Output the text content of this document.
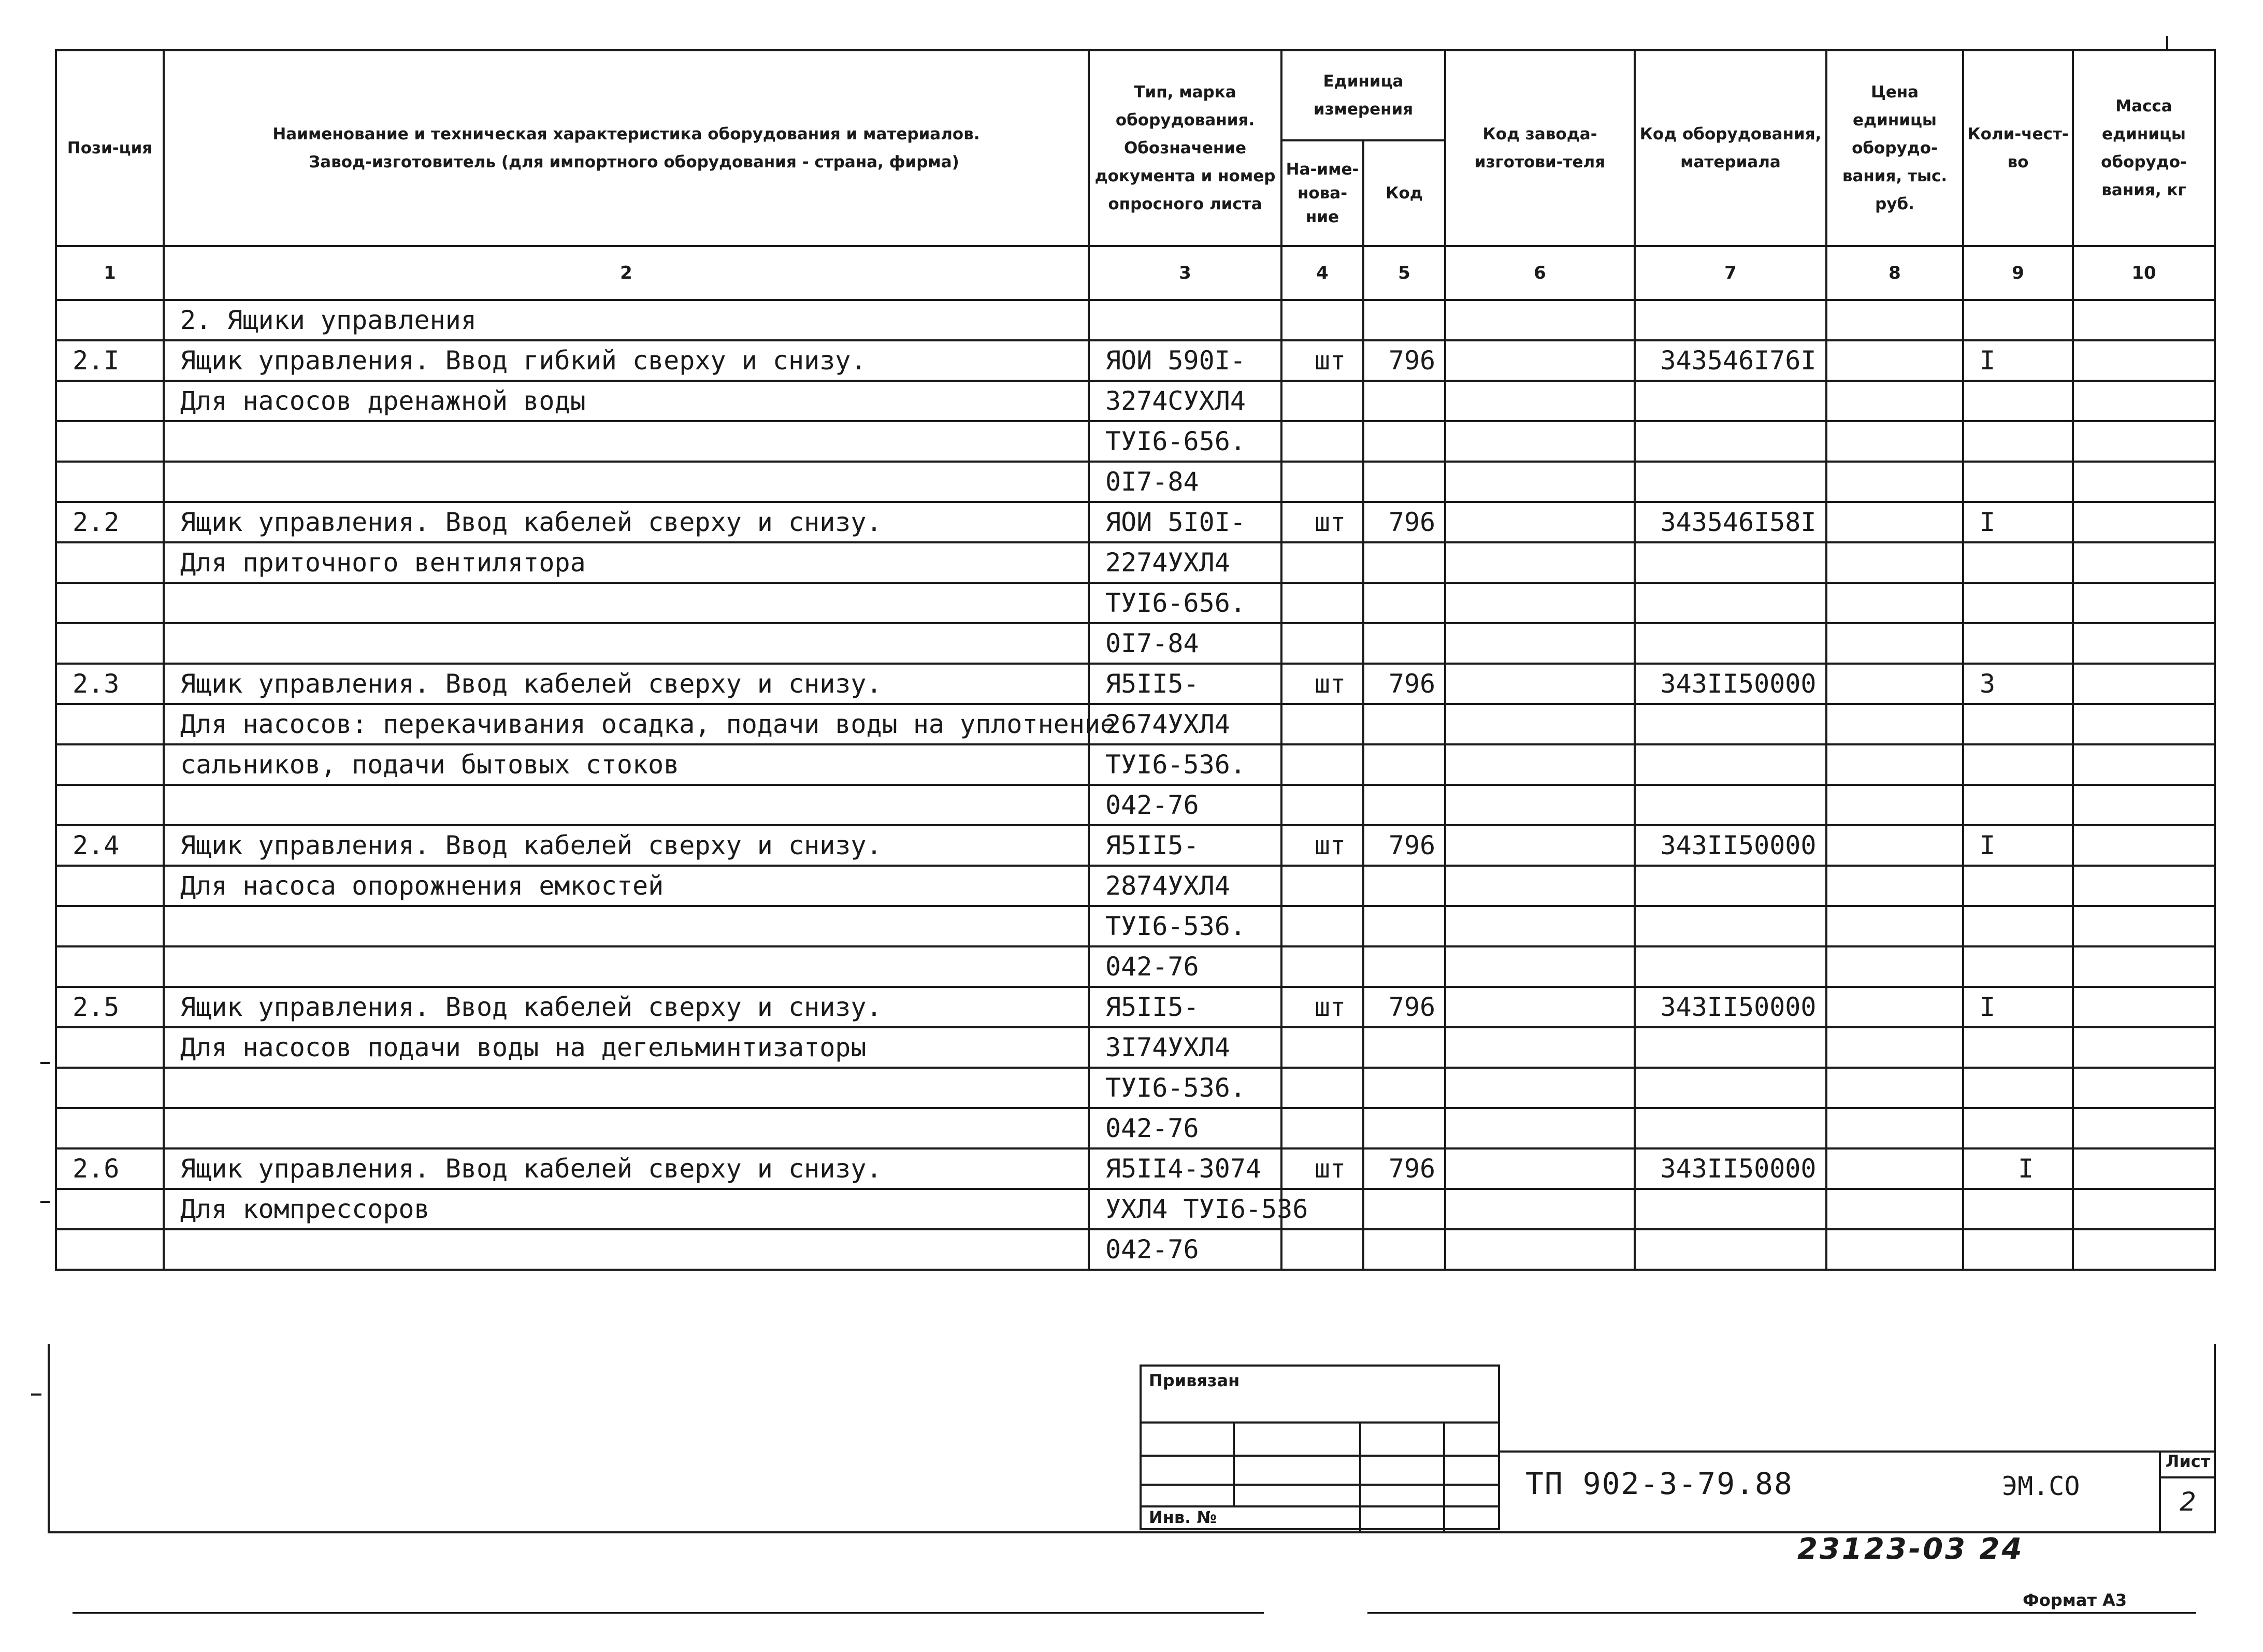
Пози-ция	Наименование и техническая характеристика оборудования и материалов.
Завод-изготовитель (для импортного оборудования - страна, фирма)	Тип, марка оборудования. Обозначение документа и номер опросного листа	Единица измерения		Код завода-изготови-теля	Код оборудования, материала	Цена единицы оборудо-вания, тыс. руб.	Коли-чест-во	Масса единицы оборудо-вания, кг
			На-име-нова-ние	Код					
1	2	3	4	5	6	7	8	9	10
	2. Ящики управления								
2.I	Ящик управления. Ввод гибкий сверху и снизу.	ЯОИ 590I-	шт	796		343546I76I		I	
	Для насосов дренажной воды	3274СУХЛ4							
		ТУI6-656.							
		0I7-84							
2.2	Ящик управления. Ввод кабелей сверху и снизу.	ЯОИ 5I0I-	шт	796		343546I58I		I	
	Для приточного вентилятора	2274УХЛ4							
		ТУI6-656.							
		0I7-84							
2.3	Ящик управления. Ввод кабелей сверху и снизу.	Я5II5-	шт	796		343II50000		3	
	Для насосов: перекачивания осадка, подачи воды на уплотнение	2674УХЛ4							
	сальников, подачи бытовых стоков	ТУI6-536.							
		042-76							
2.4	Ящик управления. Ввод кабелей сверху и снизу.	Я5II5-	шт	796		343II50000		I	
	Для насоса опорожнения емкостей	2874УХЛ4							
		ТУI6-536.							
		042-76							
2.5	Ящик управления. Ввод кабелей сверху и снизу.	Я5II5-	шт	796		343II50000		I	
	Для насосов подачи воды на дегельминтизаторы	3I74УХЛ4							
		ТУI6-536.							
		042-76							
2.6	Ящик управления. Ввод кабелей сверху и снизу.	Я5II4-3074	шт	796		343II50000		I	
	Для компрессоров	УХЛ4 ТУI6-536							
		042-76							
Привязан
Инв. №
ТП 902-3-79.88	ЭМ.СО
Лист
2
23123-03 24
Формат А3
